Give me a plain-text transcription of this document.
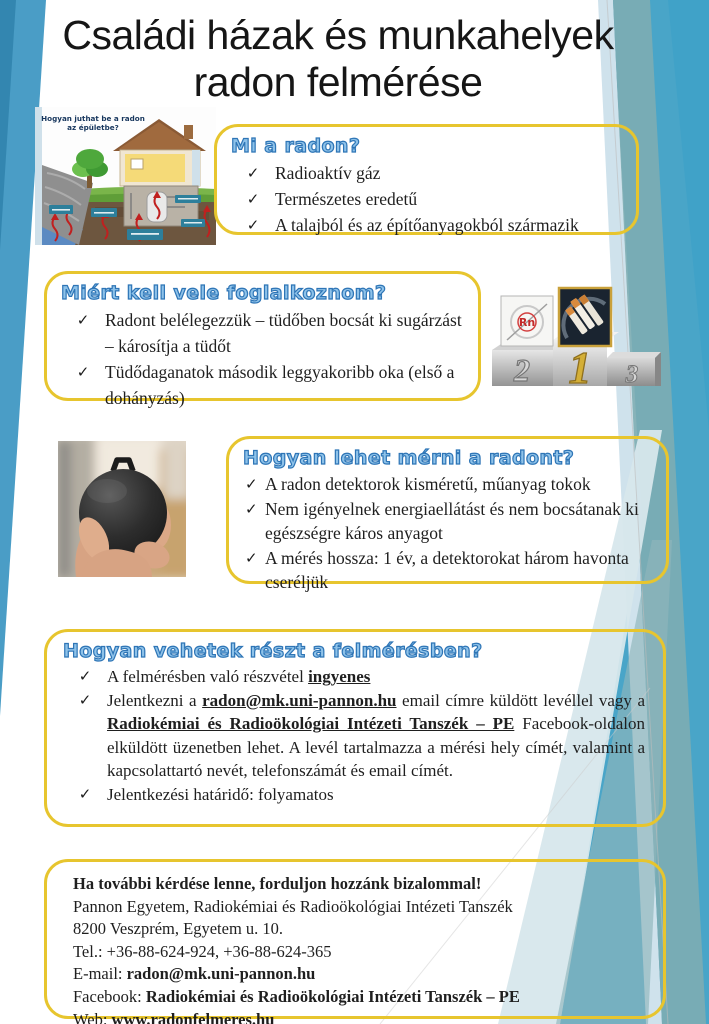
Családi házak és munkahelyek
radon felmérése
Hogyan juthat be a radon
az épületbe?
Mi a radon?
✓ Radioaktív gáz
✓ Természetes eredetű
✓ A talajból és az építőanyagokból származik
Miért kell vele foglalkoznom?
✓ Radont belélegezzük – tüdőben bocsát ki sugárzást – károsítja a tüdőt
✓ Tüdődaganatok második leggyakoribb oka (első a dohányzás)
Rn
2 1 3
Hogyan lehet mérni a radont?
✓ A radon detektorok kisméretű, műanyag tokok
✓ Nem igényelnek energiaellátást és nem bocsátanak ki egészségre káros anyagot
✓ A mérés hossza: 1 év, a detektorokat három havonta cseréljük
Hogyan vehetek részt a felmérésben?
✓ A felmérésben való részvétel ingyenes
✓ Jelentkezni a radon@mk.uni-pannon.hu email címre küldött levéllel vagy a Radiokémiai és Radioökológiai Intézeti Tanszék – PE Facebook-oldalon elküldött üzenetben lehet. A levél tartalmazza a mérési hely címét, valamint a kapcsolattartó nevét, telefonszámát és email címét.
✓ Jelentkezési határidő: folyamatos
Ha további kérdése lenne, forduljon hozzánk bizalommal!
Pannon Egyetem, Radiokémiai és Radioökológiai Intézeti Tanszék
8200 Veszprém, Egyetem u. 10.
Tel.: +36-88-624-924, +36-88-624-365
E-mail: radon@mk.uni-pannon.hu
Facebook: Radiokémiai és Radioökológiai Intézeti Tanszék – PE
Web: www.radonfelmeres.hu
